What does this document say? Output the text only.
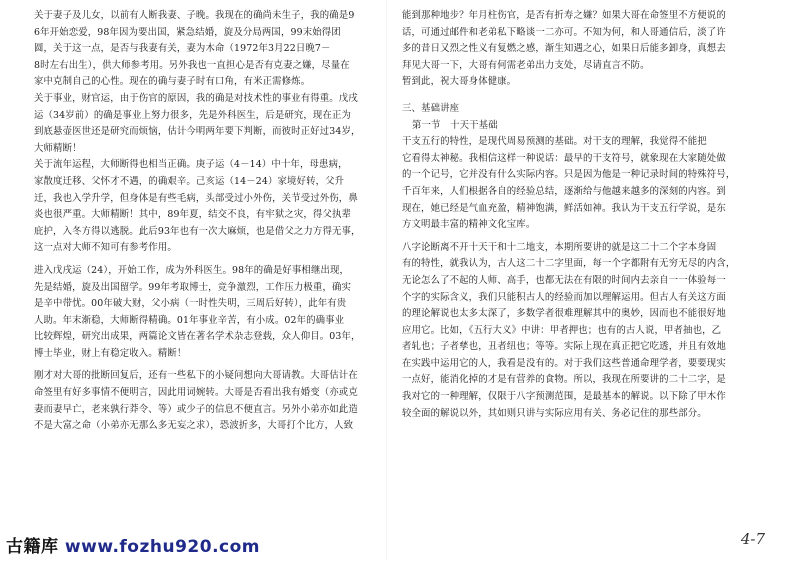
关于妻子及儿女，以前有人断我妻、子晚。我现在的确尚未生子，我的确是9
6年开始恋爱，98年因为要出国，紧急结婚，旋及分局两国，99末始得团
圆，关于这一点，是否与我妻有关，妻为木命（1972年3月22日晚7－
8时左右出生），供大师参考用。另外我也一直担心是否有克妻之嫌，尽量在
家中克制自己的心性。现在的确与妻子时有口角，有米正需修炼。

关于事业，财官运，由于伤官的原因，我的确是对技术性的事业有得重。戊戌
运（34岁前）的确是事业上努力很多，先是外科医生，后是研究，现在正为
到底悬壶医世还是研究而烦恼，估计今明两年要下判断，而彼时正好过34岁，
大师精断！

关于流年运程，大师断得也相当正确。庚子运（4－14）中十年，母患病，
家散度迁移、父怀才不遇，的确艰辛。己亥运（14－24）家境好转，父升
迁，我也入学升学，但身体是有些毛病，头部受过小外伤，关节受过外伤，鼻
炎也很严重。大师精断！其中，89年夏，结交不良，有牢狱之灾，得父执辈
庇护，入冬方得以逃脱。此后93年也有一次大麻烦，也是借父之力方得无事，
这一点对大师不知可有参考作用。

进入戊戌运（24），开始工作，成为外科医生。98年的确是好事相继出现，
先是结婚，旋及出国留学。99年考取博士，竞争激烈，工作压力极重，确实
是辛中带忧。00年破大财，父小病（一时性失明，三周后好转），此年有贵
人助。年末渐稳，大师断得精确。01年事业辛苦，有小成。02年的确事业
比较辉煌，研究出成果，两篇论文皆在著名学术杂志登载，众人仰目。03年，
博士毕业，财上有稳定收入。精断！

刚才对大哥的批断回复后，还有一些私下的小疑问想向大哥请教。大哥估计在
命签里有好多事情不便明言，因此用词婉转。大哥是否看出我有婚变（亦或克
妻而妻早亡，老来孰行莽令、等）或少子的信息不便直言。另外小弟亦如此造
不是大富之命（小弟亦无那么多无妄之求），恐波折多，大哥打个比方，人致

能到那种地步？年月柱伤官，是否有折寿之嫌？如果大哥在命签里不方便说的
话，可通过邮件和老弟私下略谈一二亦可。不知为何，和人哥通信后，淡了许
多的昔日又烈之性义有复燃之感，渐生知遇之心，如果日后能多卸身，真想去
拜见大哥一下，大哥有何需老弟出力支处，尽请直言不防。

暂到此，祝大哥身体健康。

三、基础讲座

第一节　十天干基础

干支五行的特性，是现代周易预测的基础。对干支的理解，我觉得不能把
它看得太神秘。我相信这样一种说话：最早的干支符号，就象现在大家随处做
的一个记号，它并没有什么实际内容。只是因为他是一种记录时间的特殊符号，
千百年来，人们根据各自的经验总结，逐渐给与他越来越多的深刻的内容。到
现在，她已经是气血充盈，精神饱满，鲜活如神。我认为干支五行学说，是东
方文明最丰富的精神文化宝库。

八字论断离不开十天干和十二地支，本期所要讲的就是这二十二个字本身固
有的特性，就我认为，古人这二十二字里面，每一个字都附有无穷无尽的内含，
无论怎么了不起的人师、高手，也都无法在有限的时间内去亲自一一体验每一
个字的实际含义，我们只能积古人的经验而加以理解运用。但古人有关这方面
的理论解说也太多太深了，多数学者很难理解其中的奥妙，因而也不能很好地
应用它。比如，《五行大义》中讲：甲者押也；也有的古人说，甲者抽也，乙
者轧也；子者孳也，丑者纽也；等等。实际上现在真正把它吃透，并且有效地
在实践中运用它的人，我看是没有的。对于我们这些普通命理学者，要要现实
一点好，能消化掉的才是有营养的食物。所以，我现在所要讲的二十二字，是
我对它的一种理解，仅限于八字预测范围，是最基本的解说。以下除了甲木作
较全面的解说以外，其如则只讲与实际应用有关、务必记住的那些部分。

古籍库 www.fozhu920.com	4-7
